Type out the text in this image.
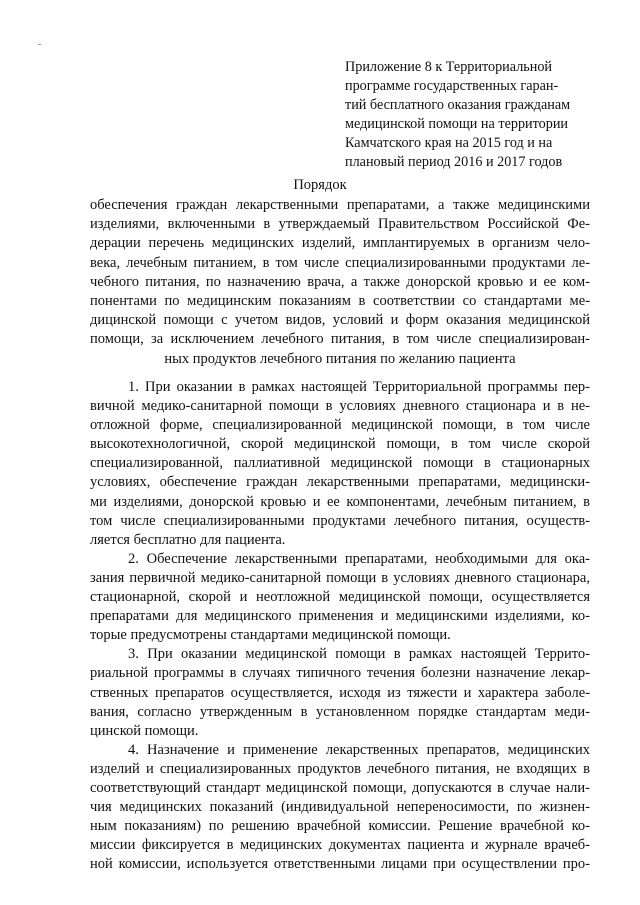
Приложение 8 к Территориальной
программе государственных гаран-
тий бесплатного оказания гражданам
медицинской помощи на территории
Камчатского края на 2015 год и на
плановый период 2016 и 2017 годов
Порядок
обеспечения граждан лекарственными препаратами, а также медицинскими
изделиями, включенными в утверждаемый Правительством Российской Фе-
дерации перечень медицинских изделий, имплантируемых в организм чело-
века, лечебным питанием, в том числе специализированными продуктами ле-
чебного питания, по назначению врача, а также донорской кровью и ее ком-
понентами по медицинским показаниям в соответствии со стандартами ме-
дицинской помощи с учетом видов, условий и форм оказания медицинской
помощи, за исключением лечебного питания, в том числе специализирован-
ных продуктов лечебного питания по желанию пациента
1. При оказании в рамках настоящей Территориальной программы пер-
вичной медико-санитарной помощи в условиях дневного стационара и в не-
отложной форме, специализированной медицинской помощи, в том числе
высокотехнологичной, скорой медицинской помощи, в том числе скорой
специализированной, паллиативной медицинской помощи в стационарных
условиях, обеспечение граждан лекарственными препаратами, медицински-
ми изделиями, донорской кровью и ее компонентами, лечебным питанием, в
том числе специализированными продуктами лечебного питания, осуществ-
ляется бесплатно для пациента.
2. Обеспечение лекарственными препаратами, необходимыми для ока-
зания первичной медико-санитарной помощи в условиях дневного стационара,
стационарной, скорой и неотложной медицинской помощи, осуществляется
препаратами для медицинского применения и медицинскими изделиями, ко-
торые предусмотрены стандартами медицинской помощи.
3. При оказании медицинской помощи в рамках настоящей Террито-
риальной программы в случаях типичного течения болезни назначение лекар-
ственных препаратов осуществляется, исходя из тяжести и характера заболе-
вания, согласно утвержденным в установленном порядке стандартам меди-
цинской помощи.
4. Назначение и применение лекарственных препаратов, медицинских
изделий и специализированных продуктов лечебного питания, не входящих в
соответствующий стандарт медицинской помощи, допускаются в случае нали-
чия медицинских показаний (индивидуальной непереносимости, по жизнен-
ным показаниям) по решению врачебной комиссии. Решение врачебной ко-
миссии фиксируется в медицинских документах пациента и журнале врачеб-
ной комиссии, используется ответственными лицами при осуществлении про-
